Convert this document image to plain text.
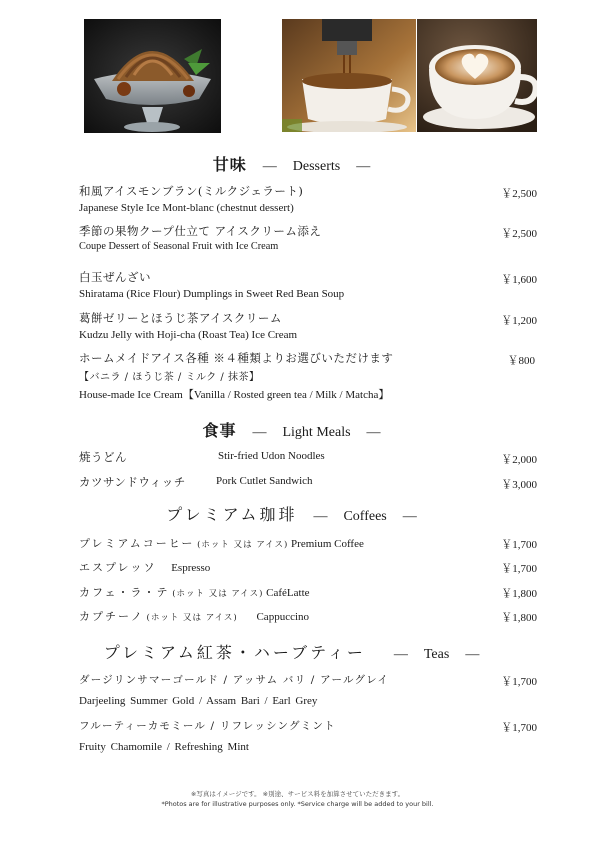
甘味 — Desserts —
和風アイスモンブラン(ミルクジェラート)
Japanese Style Ice Mont-blanc (chestnut dessert)
￥2,500
季節の果物クープ仕立て アイスクリーム添え
Coupe Dessert of Seasonal Fruit with Ice Cream
￥2,500
白玉ぜんざい
Shiratama (Rice Flour) Dumplings in Sweet Red Bean Soup
￥1,600
葛餅ゼリーとほうじ茶アイスクリーム
Kudzu Jelly with Hoji-cha (Roast Tea) Ice Cream
￥1,200
ホームメイドアイス各種 ※４種類よりお選びいただけます
【バニラ / ほうじ茶 / ミルク / 抹茶】
House-made Ice Cream【Vanilla / Rosted green tea / Milk / Matcha】
￥800
食事 — Light Meals —
焼うどん	Stir-fried Udon Noodles	￥2,000
カツサンドウィッチ	Pork Cutlet Sandwich	￥3,000
プレミアム珈琲 — Coffees —
プレミアムコーヒー (ホット 又は アイス) Premium Coffee	￥1,700
エスプレッソ Espresso	￥1,700
カフェ・ラ・テ (ホット 又は アイス) CaféLatte	￥1,800
カプチーノ (ホット 又は アイス) Cappuccino	￥1,800
プレミアム紅茶・ハーブティー — Teas —
ダージリンサマーゴールド / アッサム バリ / アールグレイ
Darjeeling Summer Gold / Assam Bari / Earl Grey
￥1,700
フルーティーカモミール / リフレッシングミント
Fruity Chamomile / Refreshing Mint
￥1,700
※写真はイメージです。 ※別途、サービス料を加算させていただきます。
*Photos are for illustrative purposes only. *Service charge will be added to your bill.
